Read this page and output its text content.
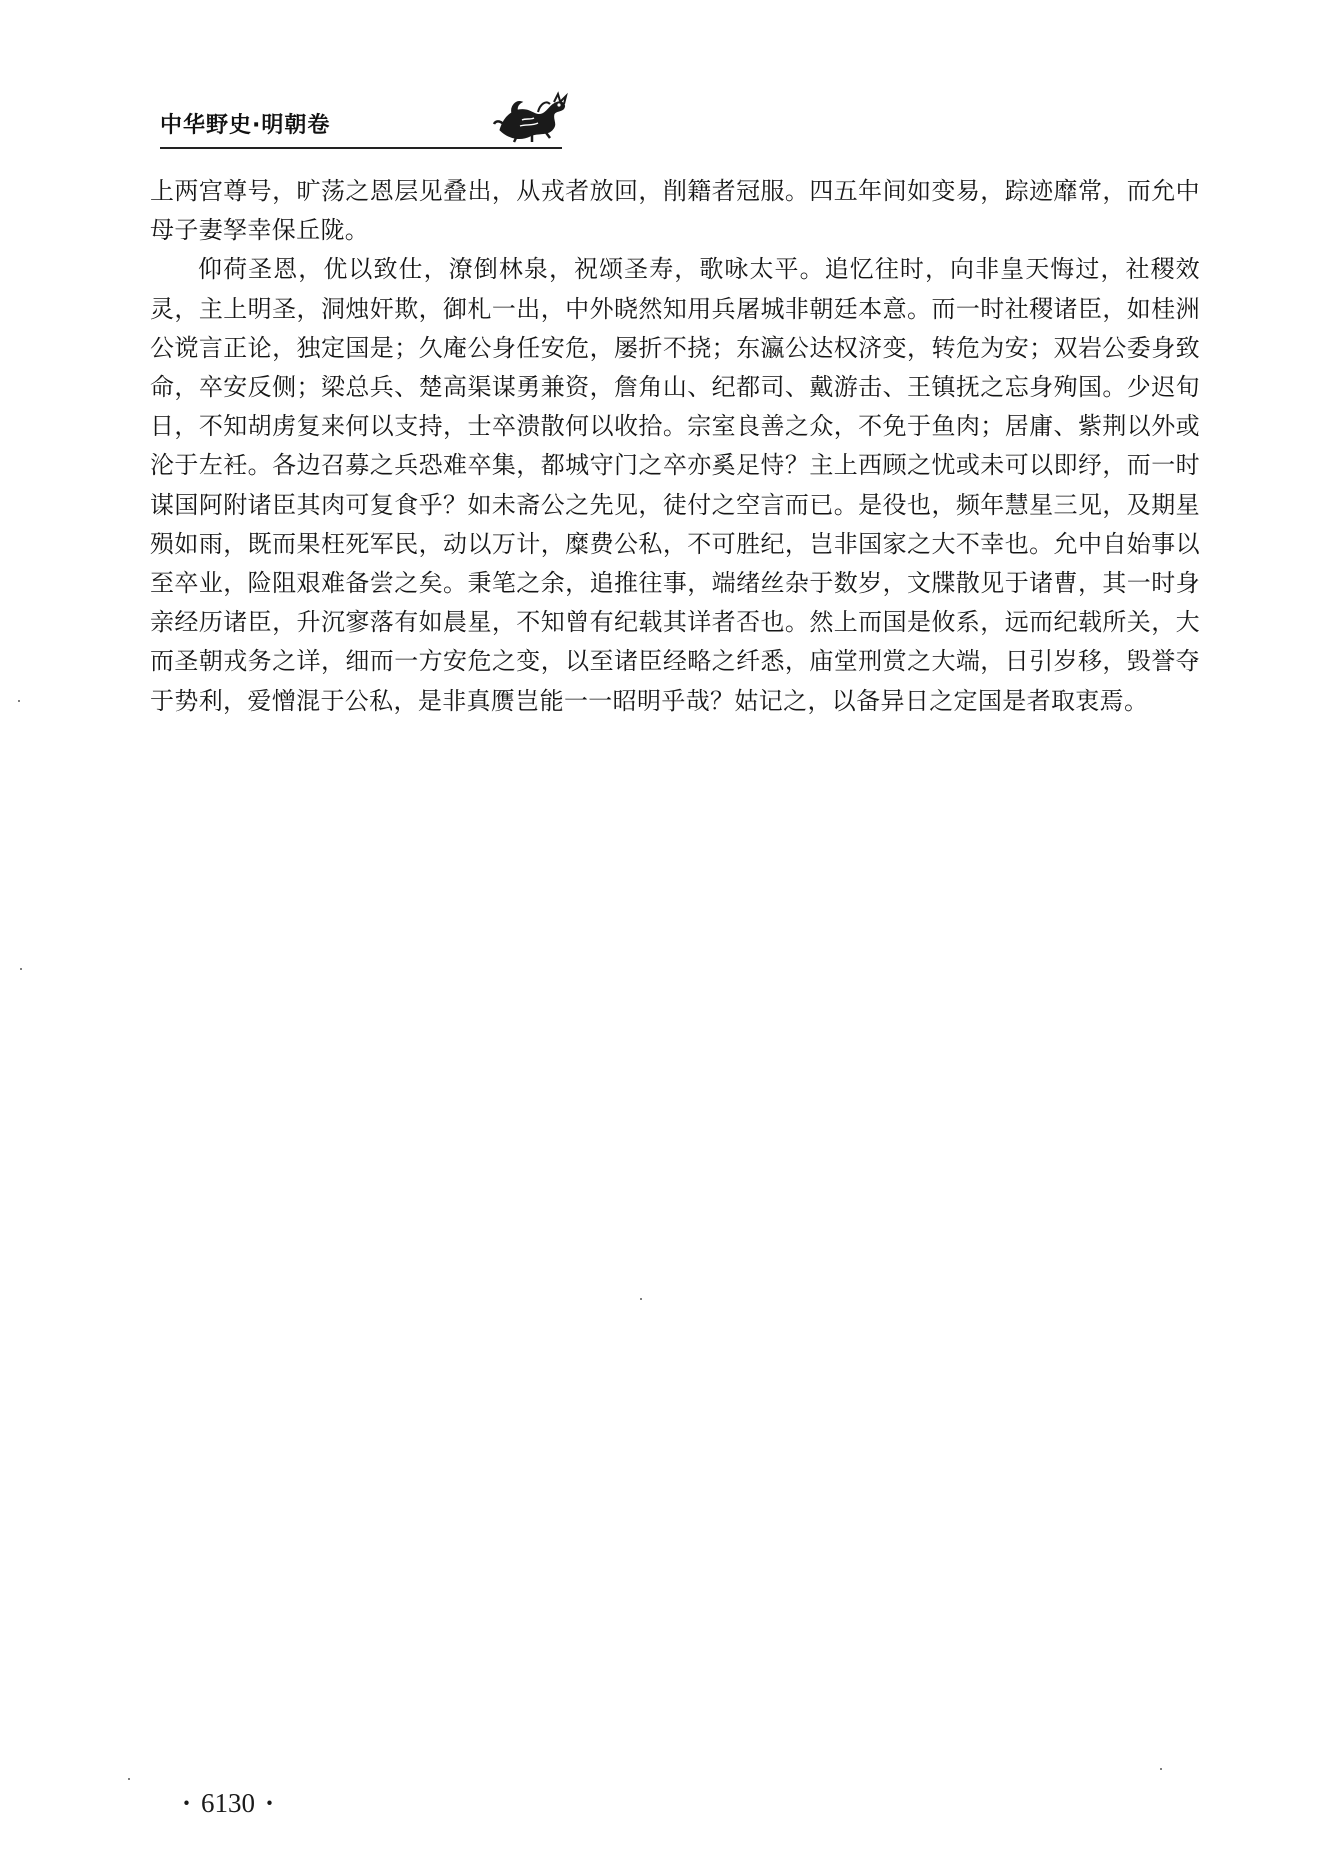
中华野史·明朝卷

上两宫尊号，旷荡之恩层见叠出，从戎者放回，削籍者冠服。四五年间如变易，踪迹靡常，而允中母子妻孥幸保丘陇。

仰荷圣恩，优以致仕，潦倒林泉，祝颂圣寿，歌咏太平。追忆往时，向非皇天悔过，社稷效灵，主上明圣，洞烛奸欺，御札一出，中外晓然知用兵屠城非朝廷本意。而一时社稷诸臣，如桂洲公谠言正论，独定国是；久庵公身任安危，屡折不挠；东瀛公达权济变，转危为安；双岩公委身致命，卒安反侧；梁总兵、楚高渠谋勇兼资，詹角山、纪都司、戴游击、王镇抚之忘身殉国。少迟旬日，不知胡虏复来何以支持，士卒溃散何以收拾。宗室良善之众，不免于鱼肉；居庸、紫荆以外或沦于左衽。各边召募之兵恐难卒集，都城守门之卒亦奚足恃？主上西顾之忧或未可以即纾，而一时谋国阿附诸臣其肉可复食乎？如未斋公之先见，徒付之空言而已。是役也，频年慧星三见，及期星殒如雨，既而果枉死军民，动以万计，糜费公私，不可胜纪，岂非国家之大不幸也。允中自始事以至卒业，险阻艰难备尝之矣。秉笔之余，追推往事，端绪丝杂于数岁，文牒散见于诸曹，其一时身亲经历诸臣，升沉寥落有如晨星，不知曾有纪载其详者否也。然上而国是攸系，远而纪载所关，大而圣朝戎务之详，细而一方安危之变，以至诸臣经略之纤悉，庙堂刑赏之大端，日引岁移，毁誉夺于势利，爱憎混于公私，是非真赝岂能一一昭明乎哉？姑记之，以备异日之定国是者取衷焉。

· 6130 ·
